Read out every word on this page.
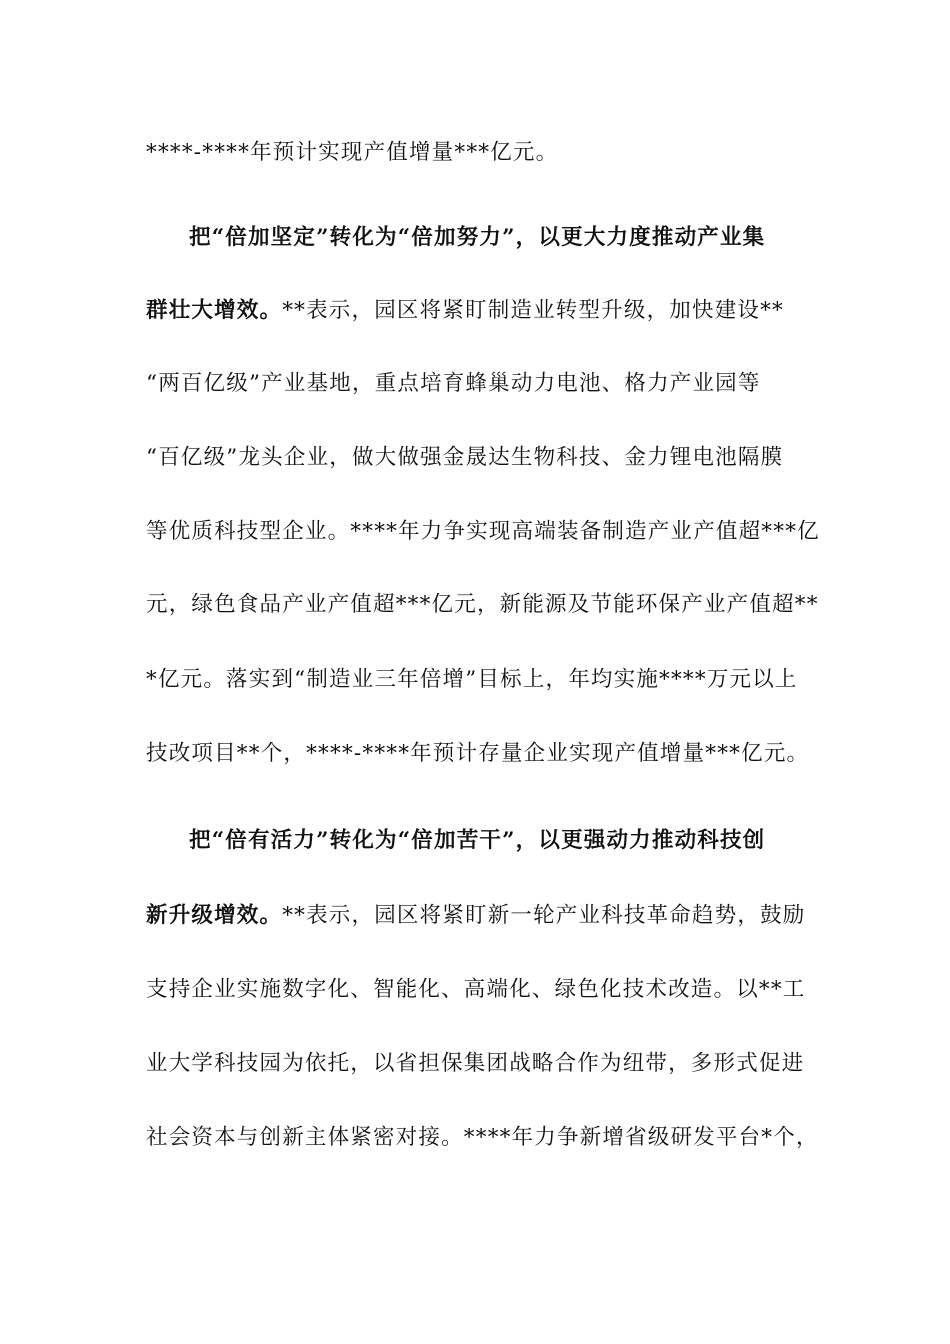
****-****年预计实现产值增量***亿元。
把“倍加坚定”转化为“倍加努力”，以更大力度推动产业集
群壮大增效。**表示，园区将紧盯制造业转型升级，加快建设**
“两百亿级”产业基地，重点培育蜂巢动力电池、格力产业园等
“百亿级”龙头企业，做大做强金晟达生物科技、金力锂电池隔膜
等优质科技型企业。****年力争实现高端装备制造产业产值超***亿
元，绿色食品产业产值超***亿元，新能源及节能环保产业产值超**
*亿元。落实到“制造业三年倍增”目标上，年均实施****万元以上
技改项目**个，****-****年预计存量企业实现产值增量***亿元。
把“倍有活力”转化为“倍加苦干”，以更强动力推动科技创
新升级增效。**表示，园区将紧盯新一轮产业科技革命趋势，鼓励
支持企业实施数字化、智能化、高端化、绿色化技术改造。以**工
业大学科技园为依托，以省担保集团战略合作为纽带，多形式促进
社会资本与创新主体紧密对接。****年力争新增省级研发平台*个，
